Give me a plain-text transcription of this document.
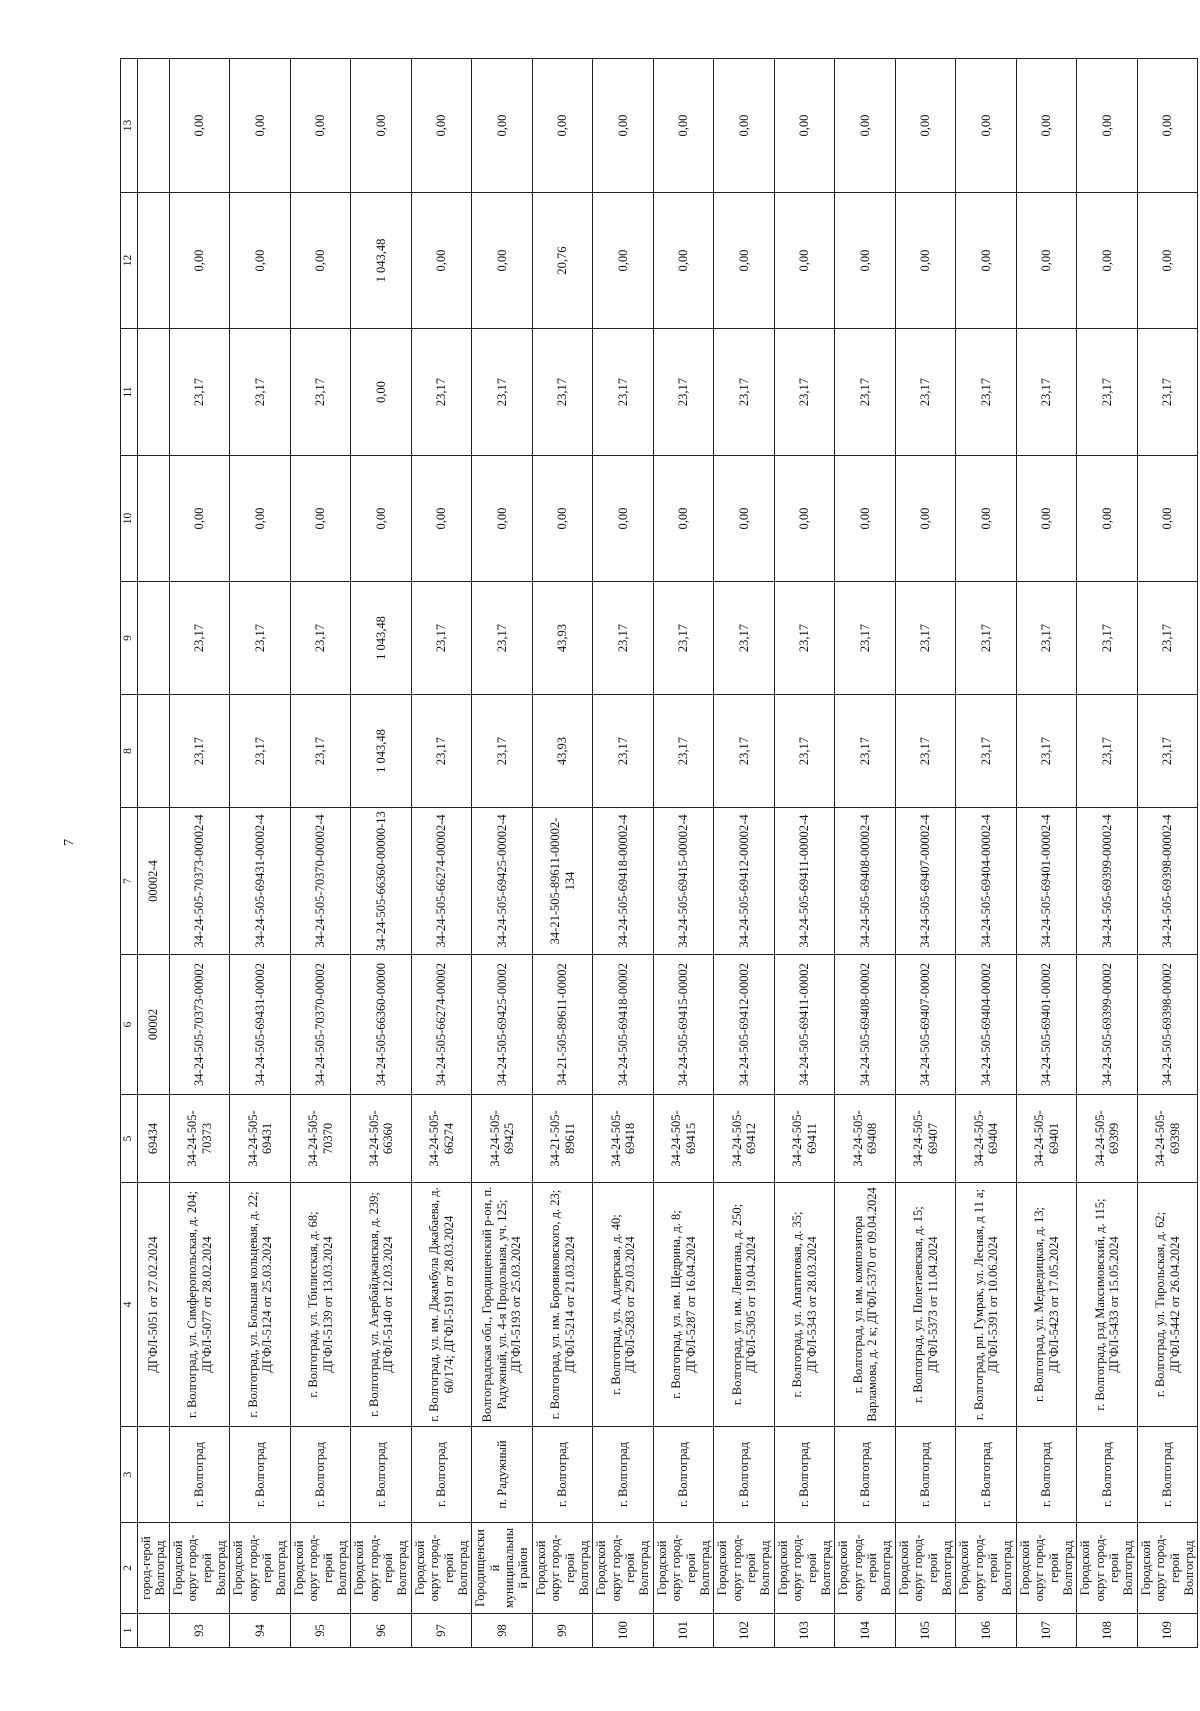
7
1	2	3	4	5	6	7	8	9	10	11	12	13
	город-герой Волгоград		ДГФЛ-5051 от 27.02.2024	69434	00002	00002-4						
93	Городской округ город-герой Волгоград	г. Волгоград	г. Волгоград, ул. Симферопольская, д. 204; ДГФЛ-5077 от 28.02.2024	34-24-505-70373	34-24-505-70373-00002	34-24-505-70373-00002-4	23,17	23,17	0,00	23,17	0,00	0,00
94	Городской округ город-герой Волгоград	г. Волгоград	г. Волгоград, ул. Большая кольцевая, д. 22; ДГФЛ-5124 от 25.03.2024	34-24-505-69431	34-24-505-69431-00002	34-24-505-69431-00002-4	23,17	23,17	0,00	23,17	0,00	0,00
95	Городской округ город-герой Волгоград	г. Волгоград	г. Волгоград, ул. Тбилисская, д. 68; ДГФЛ-5139 от 13.03.2024	34-24-505-70370	34-24-505-70370-00002	34-24-505-70370-00002-4	23,17	23,17	0,00	23,17	0,00	0,00
96	Городской округ город-герой Волгоград	г. Волгоград	г. Волгоград, ул. Азербайджанская, д. 239; ДГФЛ-5140 от 12.03.2024	34-24-505-66360	34-24-505-66360-00000	34-24-505-66360-00000-13	1 043,48	1 043,48	0,00	0,00	1 043,48	0,00
97	Городской округ город-герой Волгоград	г. Волгоград	г. Волгоград, ул. им. Джамбула Джабаева, д. 60/174; ДГФЛ-5191 от 28.03.2024	34-24-505-66274	34-24-505-66274-00002	34-24-505-66274-00002-4	23,17	23,17	0,00	23,17	0,00	0,00
98	Городищенский муниципальный район	п. Радужный	Волгоградская обл., Городищенский р-он, п. Радужный, ул. 4-я Продольная, уч. 125; ДГФЛ-5193 от 25.03.2024	34-24-505-69425	34-24-505-69425-00002	34-24-505-69425-00002-4	23,17	23,17	0,00	23,17	0,00	0,00
99	Городской округ город-герой Волгоград	г. Волгоград	г. Волгоград, ул. им. Боровиковского, д. 23; ДГФЛ-5214 от 21.03.2024	34-21-505-89611	34-21-505-89611-00002	34-21-505-89611-00002-134	43,93	43,93	0,00	23,17	20,76	0,00
100	Городской округ город-герой Волгоград	г. Волгоград	г. Волгоград, ул. Адлерская, д. 40; ДГФЛ-5283 от 29.03.2024	34-24-505-69418	34-24-505-69418-00002	34-24-505-69418-00002-4	23,17	23,17	0,00	23,17	0,00	0,00
101	Городской округ город-герой Волгоград	г. Волгоград	г. Волгоград, ул. им. Щедрина, д. 8; ДГФЛ-5287 от 16.04.2024	34-24-505-69415	34-24-505-69415-00002	34-24-505-69415-00002-4	23,17	23,17	0,00	23,17	0,00	0,00
102	Городской округ город-герой Волгоград	г. Волгоград	г. Волгоград, ул. им. Левитана, д. 250; ДГФЛ-5305 от 19.04.2024	34-24-505-69412	34-24-505-69412-00002	34-24-505-69412-00002-4	23,17	23,17	0,00	23,17	0,00	0,00
103	Городской округ город-герой Волгоград	г. Волгоград	г. Волгоград, ул. Апатитовая, д. 35; ДГФЛ-5343 от 28.03.2024	34-24-505-69411	34-24-505-69411-00002	34-24-505-69411-00002-4	23,17	23,17	0,00	23,17	0,00	0,00
104	Городской округ город-герой Волгоград	г. Волгоград	г. Волгоград, ул. им. композитора Варламова, д. 2 к; ДГФЛ-5370 от 09.04.2024	34-24-505-69408	34-24-505-69408-00002	34-24-505-69408-00002-4	23,17	23,17	0,00	23,17	0,00	0,00
105	Городской округ город-герой Волгоград	г. Волгоград	г. Волгоград, ул. Полетаевская, д. 15; ДГФЛ-5373 от 11.04.2024	34-24-505-69407	34-24-505-69407-00002	34-24-505-69407-00002-4	23,17	23,17	0,00	23,17	0,00	0,00
106	Городской округ город-герой Волгоград	г. Волгоград	г. Волгоград, рп. Гумрак, ул. Лесная, д 11 а; ДГФЛ-5391 от 10.06.2024	34-24-505-69404	34-24-505-69404-00002	34-24-505-69404-00002-4	23,17	23,17	0,00	23,17	0,00	0,00
107	Городской округ город-герой Волгоград	г. Волгоград	г. Волгоград, ул. Медведицкая, д. 13; ДГФЛ-5423 от 17.05.2024	34-24-505-69401	34-24-505-69401-00002	34-24-505-69401-00002-4	23,17	23,17	0,00	23,17	0,00	0,00
108	Городской округ город-герой Волгоград	г. Волгоград	г. Волгоград, рзд Максимовский, д. 115; ДГФЛ-5433 от 15.05.2024	34-24-505-69399	34-24-505-69399-00002	34-24-505-69399-00002-4	23,17	23,17	0,00	23,17	0,00	0,00
109	Городской округ город-герой Волгоград	г. Волгоград	г. Волгоград, ул. Тирольская, д. 62; ДГФЛ-5442 от 26.04.2024	34-24-505-69398	34-24-505-69398-00002	34-24-505-69398-00002-4	23,17	23,17	0,00	23,17	0,00	0,00
